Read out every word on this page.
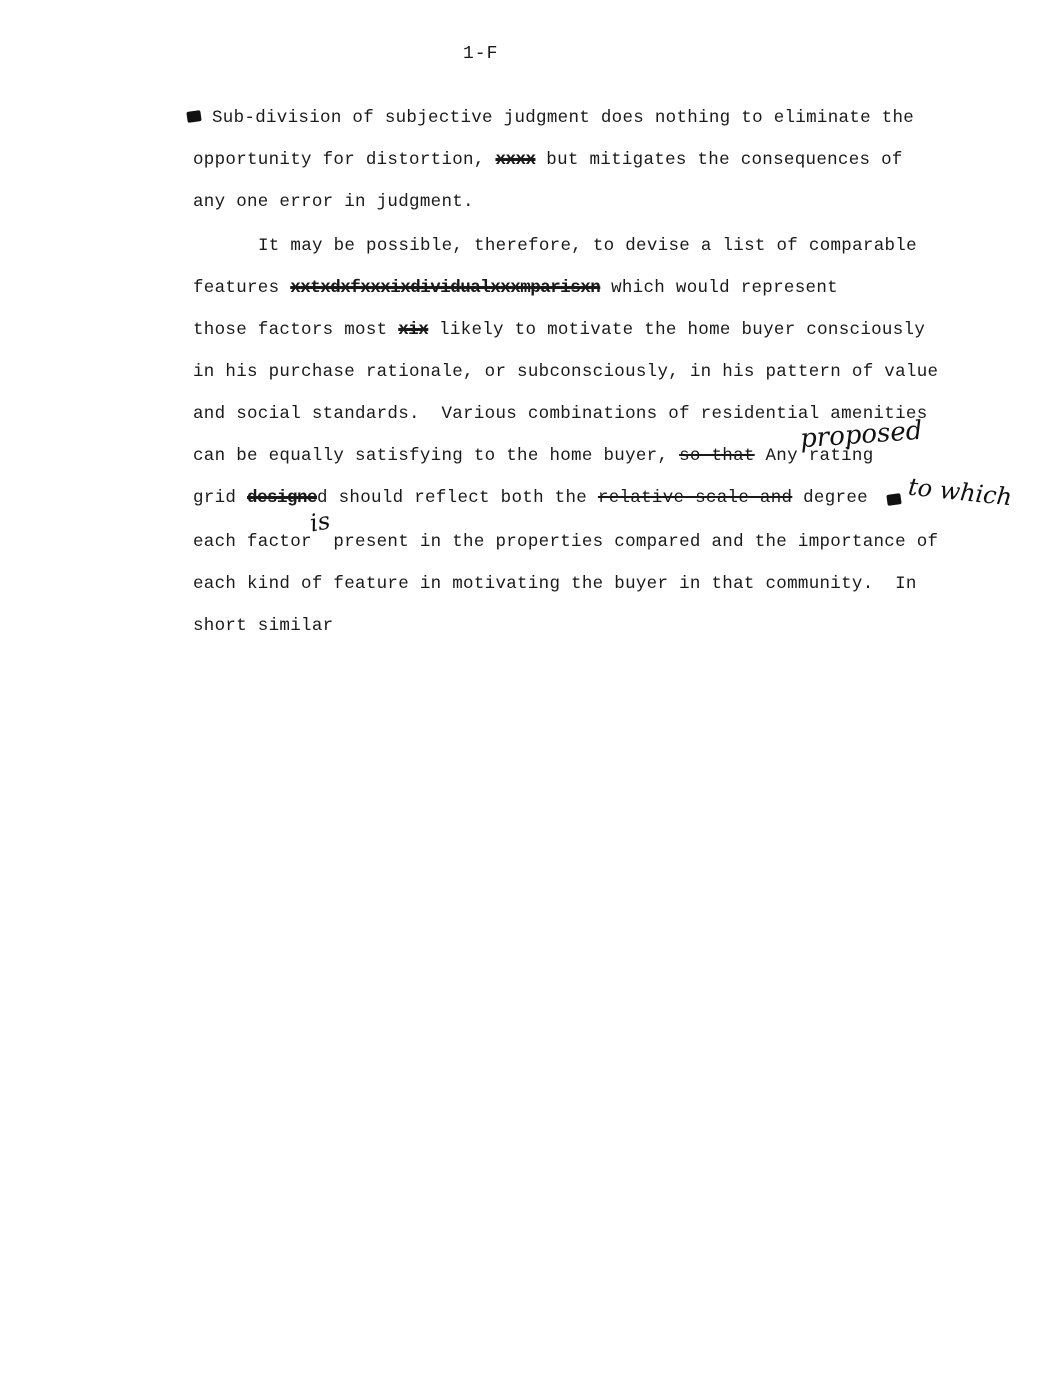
1-F
Sub-division of subjective judgment does nothing to eliminate the
opportunity for distortion, xxxx but mitigates the consequences of
any one error in judgment.
It may be possible, therefore, to devise a list of comparable
features xxtxdxfxxxixdividualxxxmparisxn which would represent
those factors most xix likely to motivate the home buyer consciously
in his purchase rationale, or subconsciously, in his pattern of value
and social standards.  Various combinations of residential amenities
proposed
can be equally satisfying to the home buyer, so that Any rating
grid designed should reflect both the relative scale and degree to which
is
each factor  present in the properties compared and the importance of
each kind of feature in motivating the buyer in that community.  In
short similar
